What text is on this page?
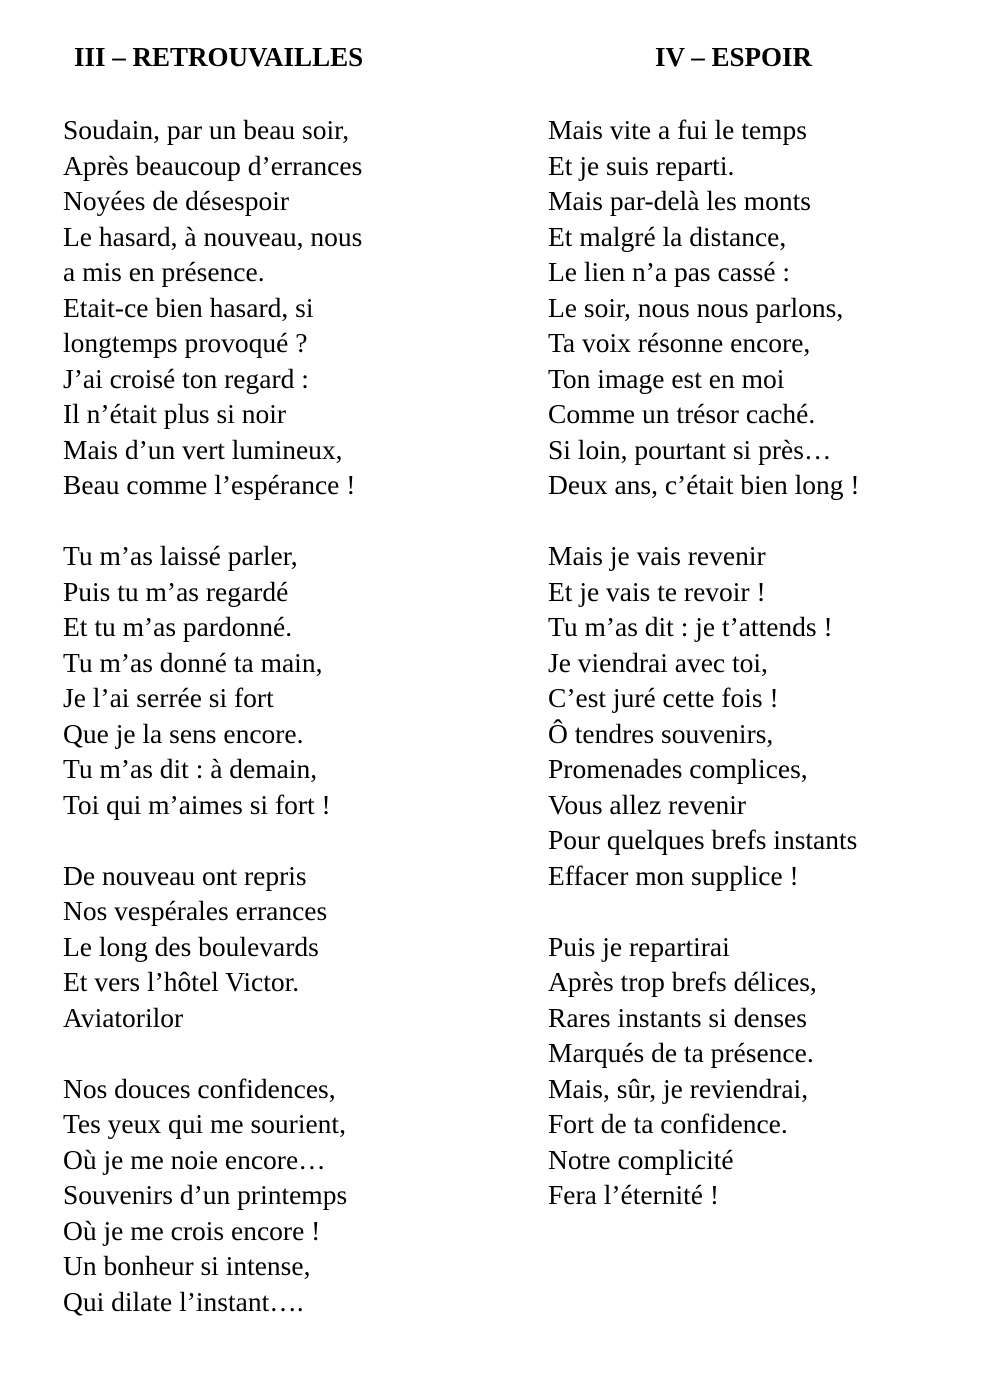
III – RETROUVAILLES
Soudain, par un beau soir,
Après beaucoup d’errances
Noyées de désespoir
Le hasard, à nouveau, nous
a mis en présence.
Etait-ce bien hasard, si
longtemps provoqué ?
J’ai croisé ton regard :
Il n’était plus si noir
Mais d’un vert lumineux,
Beau comme l’espérance !
Tu m’as laissé parler,
Puis tu m’as regardé
Et tu m’as pardonné.
Tu m’as donné ta main,
Je l’ai serrée si fort
Que je la sens encore.
Tu m’as dit : à demain,
Toi qui m’aimes si fort !
De nouveau ont repris
Nos vespérales errances
Le long des boulevards
Et vers l’hôtel Victor.
Aviatorilor
Nos douces confidences,
Tes yeux qui me sourient,
Où je me noie encore…
Souvenirs d’un printemps
Où je me crois encore !
Un bonheur si intense,
Qui dilate l’instant….
IV – ESPOIR
Mais vite a fui le temps
Et je suis reparti.
Mais par-delà les monts
Et malgré la distance,
Le lien n’a pas cassé :
Le soir, nous nous parlons,
Ta voix résonne encore,
Ton image est en moi
Comme un trésor caché.
Si loin, pourtant si près…
Deux ans, c’était bien long !
Mais je vais revenir
Et je vais te revoir !
Tu m’as dit : je t’attends !
Je viendrai avec toi,
C’est juré cette fois !
Ô tendres souvenirs,
Promenades complices,
Vous allez revenir
Pour quelques brefs instants
Effacer mon supplice !
Puis je repartirai
Après trop brefs délices,
Rares instants si denses
Marqués de ta présence.
Mais, sûr, je reviendrai,
Fort de ta confidence.
Notre complicité
Fera l’éternité !
